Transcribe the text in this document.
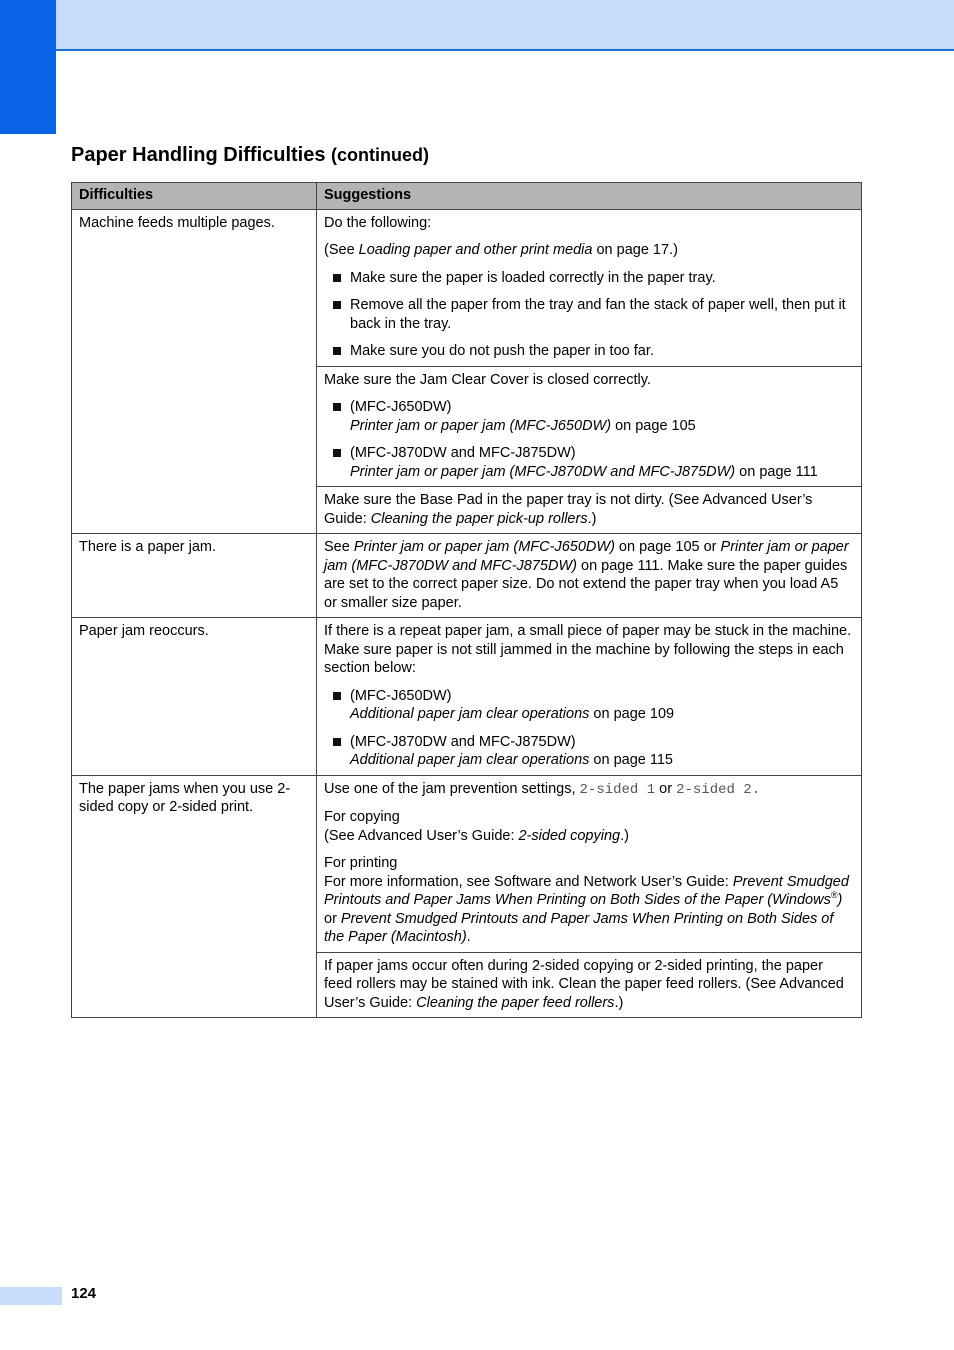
Paper Handling Difficulties (continued)
Difficulties	Suggestions
Machine feeds multiple pages.	Do the following:

(See Loading paper and other print media on page 17.)

Make sure the paper is loaded correctly in the paper tray.
Remove all the paper from the tray and fan the stack of paper well, then put it back in the tray.
Make sure you do not push the paper in too far.

	Make sure the Jam Clear Cover is closed correctly.

(MFC-J650DW)
Printer jam or paper jam (MFC-J650DW) on page 105
(MFC-J870DW and MFC-J875DW)
Printer jam or paper jam (MFC-J870DW and MFC-J875DW) on page 111

	Make sure the Base Pad in the paper tray is not dirty. (See Advanced User’s Guide: Cleaning the paper pick-up rollers.)

There is a paper jam.	See Printer jam or paper jam (MFC-J650DW) on page 105 or Printer jam or paper jam (MFC-J870DW and MFC-J875DW) on page 111. Make sure the paper guides are set to the correct paper size. Do not extend the paper tray when you load A5 or smaller size paper.

Paper jam reoccurs.	If there is a repeat paper jam, a small piece of paper may be stuck in the machine. Make sure paper is not still jammed in the machine by following the steps in each section below:

(MFC-J650DW)
Additional paper jam clear operations on page 109
(MFC-J870DW and MFC-J875DW)
Additional paper jam clear operations on page 115

The paper jams when you use 2-sided copy or 2-sided print.	Use one of the jam prevention settings, 2-sided 1 or 2-sided 2.

For copying
(See Advanced User’s Guide: 2-sided copying.)

For printing
For more information, see Software and Network User’s Guide: Prevent Smudged Printouts and Paper Jams When Printing on Both Sides of the Paper (Windows®) or Prevent Smudged Printouts and Paper Jams When Printing on Both Sides of the Paper (Macintosh).

	If paper jams occur often during 2-sided copying or 2-sided printing, the paper feed rollers may be stained with ink. Clean the paper feed rollers. (See Advanced User’s Guide: Cleaning the paper feed rollers.)

124
